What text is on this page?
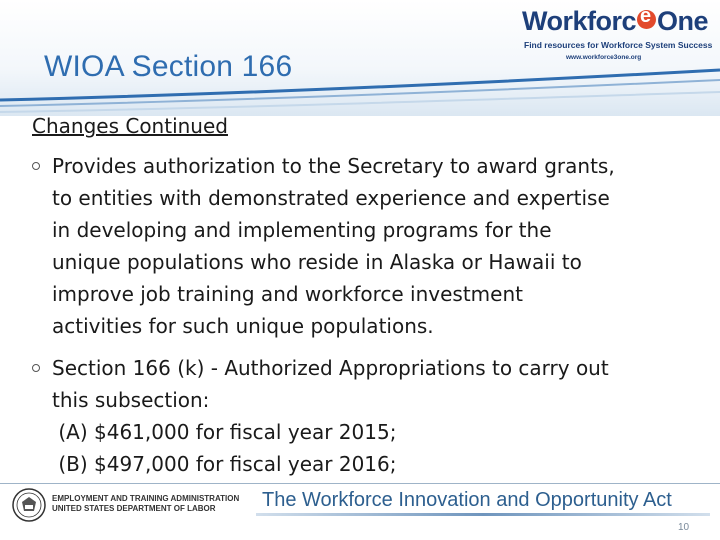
WIOA Section 166
Workforce One
Find resources for Workforce System Success
www.workforce3one.org
Changes Continued
Provides authorization to the Secretary to award grants,
to entities with demonstrated experience and expertise
in developing and implementing programs for the
unique populations who reside in Alaska or Hawaii to
improve job training and workforce investment
activities for such unique populations.
Section 166 (k) - Authorized Appropriations to carry out
this subsection:
(A) $461,000 for fiscal year 2015;
(B) $497,000 for fiscal year 2016;
EMPLOYMENT AND TRAINING ADMINISTRATION
UNITED STATES DEPARTMENT OF LABOR	The Workforce Innovation and Opportunity Act
10
